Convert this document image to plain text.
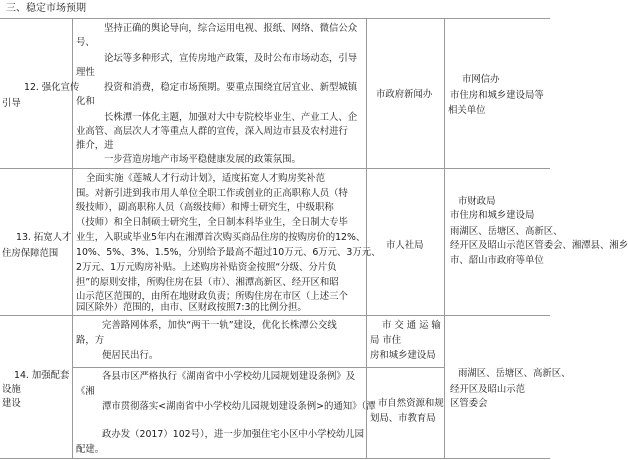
三、稳定市场预期
12. 强化宣传
引导
坚持正确的舆论导向，综合运用电视、报纸、网络、微信公众
号、
论坛等多种形式，宣传房地产政策，及时公布市场动态，引导
理性
投资和消费，稳定市场预期。要重点围绕宜居宜业、新型城镇
化和
长株潭一体化主题，加强对大中专院校毕业生、产业工人、企
业高管、高层次人才等重点人群的宣传，深入周边市县及农村进行
推介，进
一步营造房地产市场平稳健康发展的政策氛围。
市政府新闻办
市网信办
市住房和城乡建设局等
相关单位
13. 拓宽人才
住房保障范围
全面实施《莲城人才行动计划》，适度拓宽人才购房奖补范
围。对新引进到我市用人单位全职工作或创业的正高职称人员（特
级技师），副高职称人员（高级技师）和博士研究生，中级职称
（技师）和全日制硕士研究生，全日制本科毕业生，全日制大专毕
业生，入职或毕业5年内在湘潭首次购买商品住房的按购房价的12%、
10%、5%、3%、1.5%，分别给予最高不超过10万元、6万元、3万元、
2万元、1万元购房补贴。上述购房补贴资金按照“分级、分片负
担”的原则安排，所购住房在县（市）、湘潭高新区、经开区和昭
山示范区范围的，由所在地财政负责；所购住房在市区（上述三个
园区除外）范围的，由市、区财政按照7:3的比例分担。
市人社局
市财政局
市住房和城乡建设局
雨湖区、岳塘区、高新区、
经开区及昭山示范区管委会、湘潭县、湘乡
市、韶山市政府等单位
14. 加强配套
设施
建设
完善路网体系，加快“两干一轨”建设，优化长株潭公交线
路，方
便居民出行。
市 交 通 运 输
局 市住
房和城乡建设局
各县市区严格执行《湖南省中小学校幼儿园规划建设条例》及
《湘
潭市贯彻落实<湖南省中小学校幼儿园规划建设条例>的通知》（潭
政办发（2017）102号），进一步加强住宅小区中小学校幼儿园
配建。
市自然资源和规
划局、市教育局
雨湖区、岳塘区、高新区、
经开区及昭山示范
区管委会
